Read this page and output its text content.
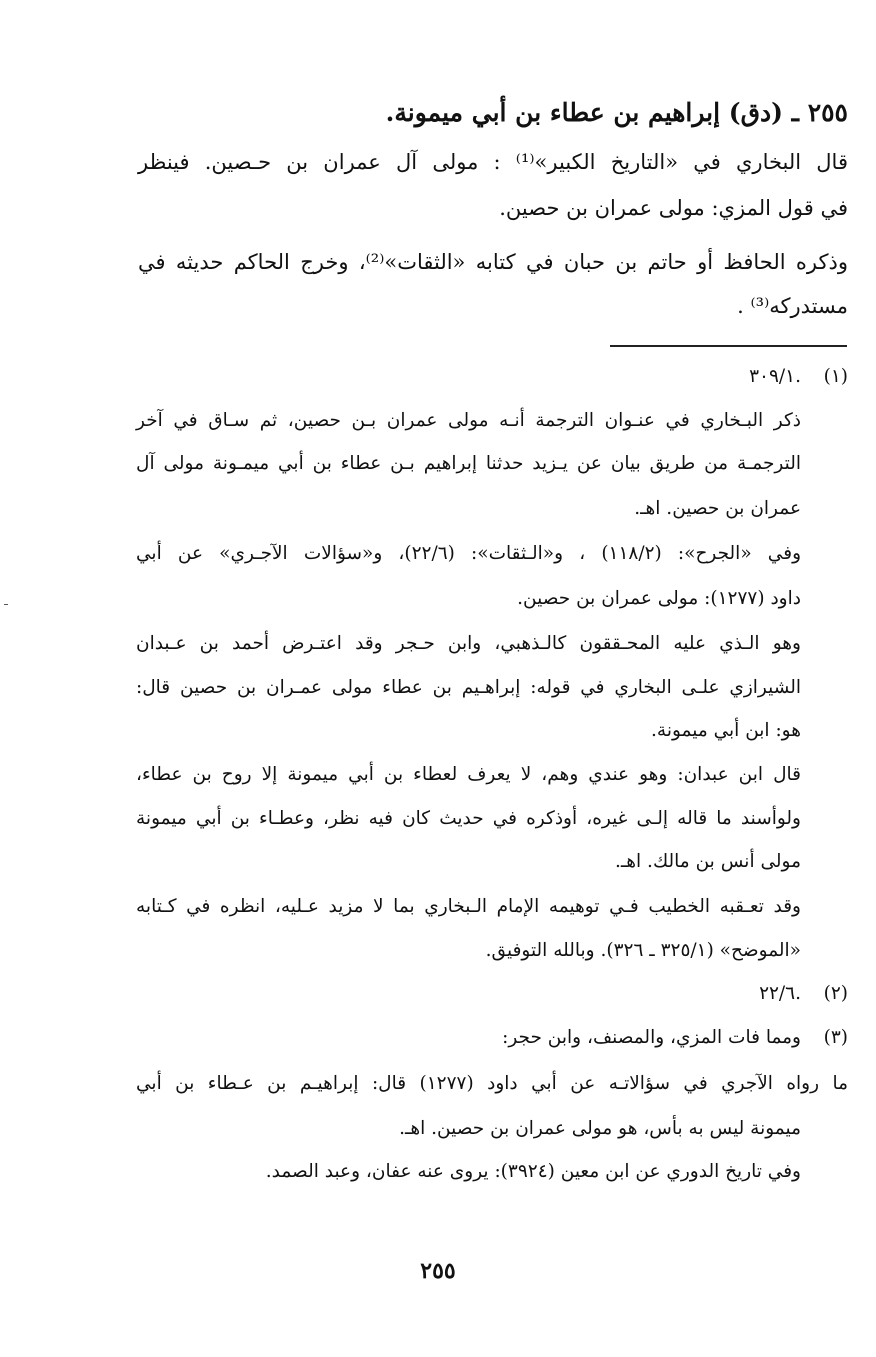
٢٥٥ ـ (دق) إبراهيم بن عطاء بن أبي ميمونة.
قال البخاري في «التاريخ الكبير»⁽¹⁾ : مولى آل عمران بن حـصين. فينظر
في قول المزي: مولى عمران بن حصين.
وذكره الحافظ أو حاتم بن حبان في كتابه «الثقات»⁽²⁾، وخرج الحاكم حديثه في
مستدركه⁽³⁾ .
(١)
.٣٠٩/١
ذكر البـخاري في عنـوان الترجمة أنـه مولى عمران بـن حصين، ثم سـاق في آخر
الترجمـة من طريق بيان عن يـزيد حدثنا إبراهيم بـن عطاء بن أبي ميمـونة مولى آل
عمران بن حصين. اهـ.
وفي «الجرح»: (١١٨/٢) ، و«الـثقات»: (٢٢/٦)، و«سؤالات الآجـري» عن أبي
داود (١٢٧٧): مولى عمران بن حصين.
وهو الـذي عليه المحـققون كالـذهبي، وابن حـجر وقد اعتـرض أحمد بن عـبدان
الشيرازي علـى البخاري في قوله: إبراهـيم بن عطاء مولى عمـران بن حصين قال:
هو: ابن أبي ميمونة.
قال ابن عبدان: وهو عندي وهم، لا يعرف لعطاء بن أبي ميمونة إلا روح بن عطاء،
ولوأسند ما قاله إلـى غيره، أوذكره في حديث كان فيه نظر، وعطـاء بن أبي ميمونة
مولى أنس بن مالك. اهـ.
وقد تعـقبه الخطيب فـي توهيمه الإمام الـبخاري بما لا مزيد عـليه، انظره في كـتابه
«الموضح» (٣٢٥/١ ـ ٣٢٦). وبالله التوفيق.
(٢)
.٢٢/٦
(٣)
ومما فات المزي، والمصنف، وابن حجر:
ما رواه الآجري في سؤالاتـه عن أبي داود (١٢٧٧) قال: إبراهيـم بن عـطاء بن أبي
ميمونة ليس به بأس، هو مولى عمران بن حصين. اهـ.
وفي تاريخ الدوري عن ابن معين (٣٩٢٤): يروى عنه عفان، وعبد الصمد.
٢٥٥
